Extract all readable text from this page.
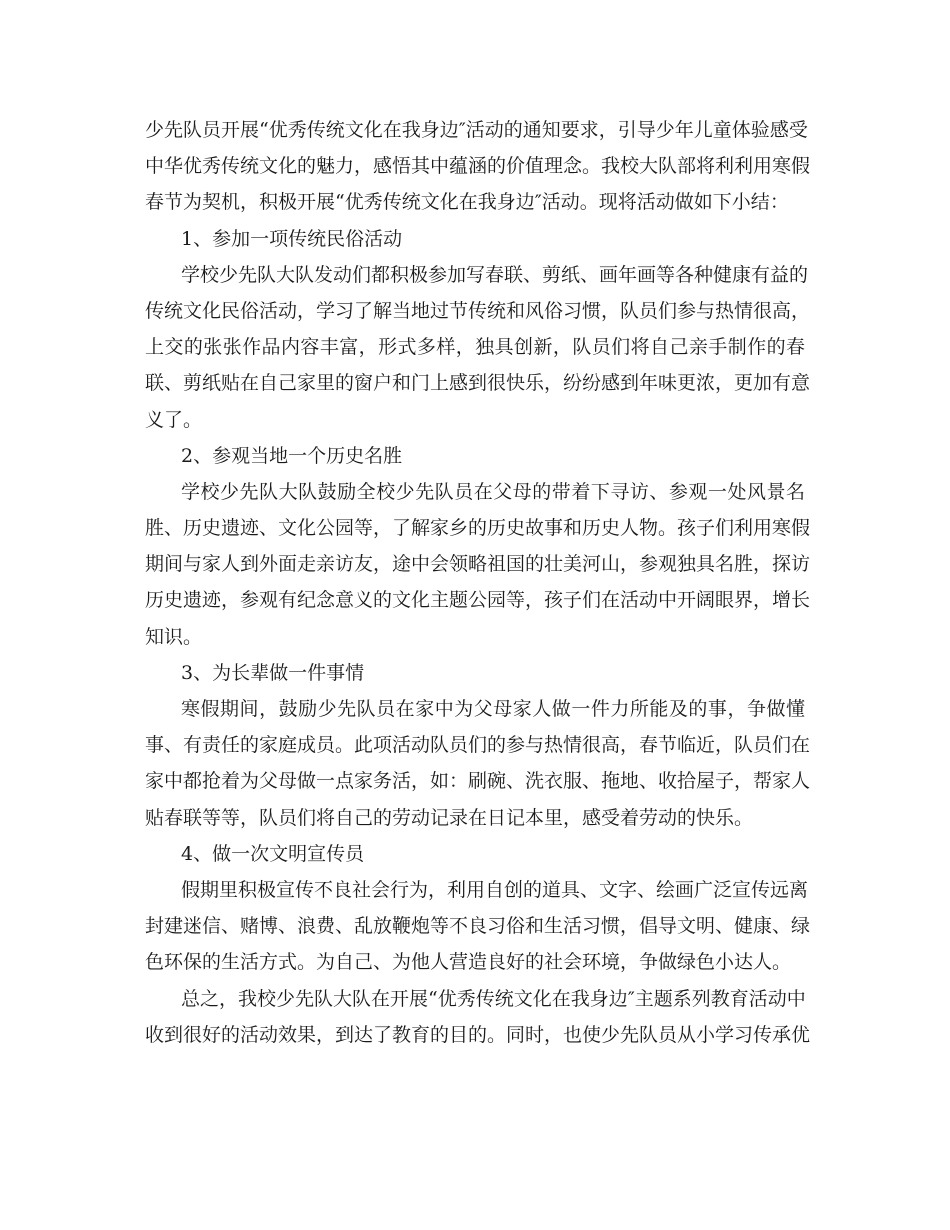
少先队员开展“优秀传统文化在我身边″活动的通知要求，引导少年儿童体验感受
中华优秀传统文化的魅力，感悟其中蕴涵的价值理念。我校大队部将利利用寒假
春节为契机，积极开展“优秀传统文化在我身边″活动。现将活动做如下小结：
1、参加一项传统民俗活动
学校少先队大队发动们都积极参加写春联、剪纸、画年画等各种健康有益的
传统文化民俗活动，学习了解当地过节传统和风俗习惯，队员们参与热情很高，
上交的张张作品内容丰富，形式多样，独具创新，队员们将自己亲手制作的春
联、剪纸贴在自己家里的窗户和门上感到很快乐，纷纷感到年味更浓，更加有意
义了。
2、参观当地一个历史名胜
学校少先队大队鼓励全校少先队员在父母的带着下寻访、参观一处风景名
胜、历史遗迹、文化公园等，了解家乡的历史故事和历史人物。孩子们利用寒假
期间与家人到外面走亲访友，途中会领略祖国的壮美河山，参观独具名胜，探访
历史遗迹，参观有纪念意义的文化主题公园等，孩子们在活动中开阔眼界，增长
知识。
3、为长辈做一件事情
寒假期间，鼓励少先队员在家中为父母家人做一件力所能及的事，争做懂
事、有责任的家庭成员。此项活动队员们的参与热情很高，春节临近，队员们在
家中都抢着为父母做一点家务活，如：刷碗、洗衣服、拖地、收拾屋子，帮家人
贴春联等等，队员们将自己的劳动记录在日记本里，感受着劳动的快乐。
4、做一次文明宣传员
假期里积极宣传不良社会行为，利用自创的道具、文字、绘画广泛宣传远离
封建迷信、赌博、浪费、乱放鞭炮等不良习俗和生活习惯，倡导文明、健康、绿
色环保的生活方式。为自己、为他人营造良好的社会环境，争做绿色小达人。
总之，我校少先队大队在开展“优秀传统文化在我身边″主题系列教育活动中
收到很好的活动效果，到达了教育的目的。同时，也使少先队员从小学习传承优
